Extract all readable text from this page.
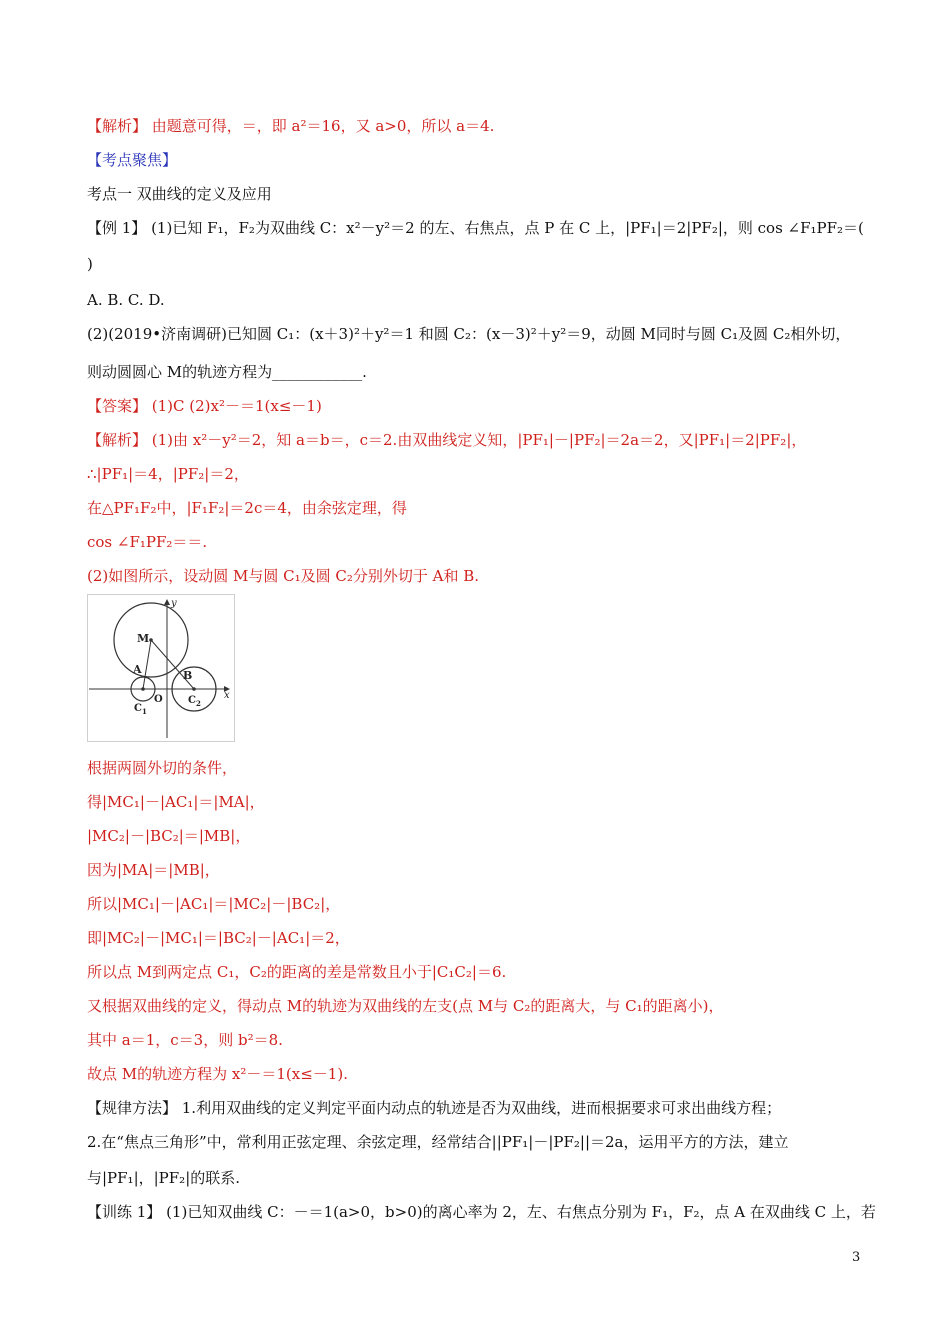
【解析】 由题意可得，＝，即 a²＝16，又 a>0，所以 a＝4.
【考点聚焦】
考点一 双曲线的定义及应用
【例 1】 (1)已知 F₁，F₂为双曲线 C：x²－y²＝2 的左、右焦点，点 P 在 C 上，|PF₁|＝2|PF₂|，则 cos ∠F₁PF₂＝(
)
A. B. C. D.
(2)(2019•济南调研)已知圆 C₁：(x＋3)²＋y²＝1 和圆 C₂：(x－3)²＋y²＝9，动圆 M同时与圆 C₁及圆 C₂相外切，
则动圆圆心 M的轨迹方程为____________.
【答案】 (1)C (2)x²－＝1(x≤－1)
【解析】 (1)由 x²－y²＝2，知 a＝b＝，c＝2.由双曲线定义知，|PF₁|－|PF₂|＝2a＝2，又|PF₁|＝2|PF₂|，
∴|PF₁|＝4，|PF₂|＝2，
在△PF₁F₂中，|F₁F₂|＝2c＝4，由余弦定理，得
cos ∠F₁PF₂＝＝.
(2)如图所示，设动圆 M与圆 C₁及圆 C₂分别外切于 A和 B.
根据两圆外切的条件，
得|MC₁|－|AC₁|＝|MA|，
|MC₂|－|BC₂|＝|MB|，
因为|MA|＝|MB|，
所以|MC₁|－|AC₁|＝|MC₂|－|BC₂|，
即|MC₂|－|MC₁|＝|BC₂|－|AC₁|＝2，
所以点 M到两定点 C₁，C₂的距离的差是常数且小于|C₁C₂|＝6.
又根据双曲线的定义，得动点 M的轨迹为双曲线的左支(点 M与 C₂的距离大，与 C₁的距离小)，
其中 a＝1，c＝3，则 b²＝8.
故点 M的轨迹方程为 x²－＝1(x≤－1).
【规律方法】 1.利用双曲线的定义判定平面内动点的轨迹是否为双曲线，进而根据要求可求出曲线方程；
2.在“焦点三角形”中，常利用正弦定理、余弦定理，经常结合||PF₁|－|PF₂||＝2a，运用平方的方法，建立
与|PF₁|，|PF₂|的联系.
【训练 1】 (1)已知双曲线 C：－＝1(a>0，b>0)的离心率为 2，左、右焦点分别为 F₁，F₂，点 A 在双曲线 C 上，若
y
x
M
A	B
O
$C_1$
$C_2$
3
